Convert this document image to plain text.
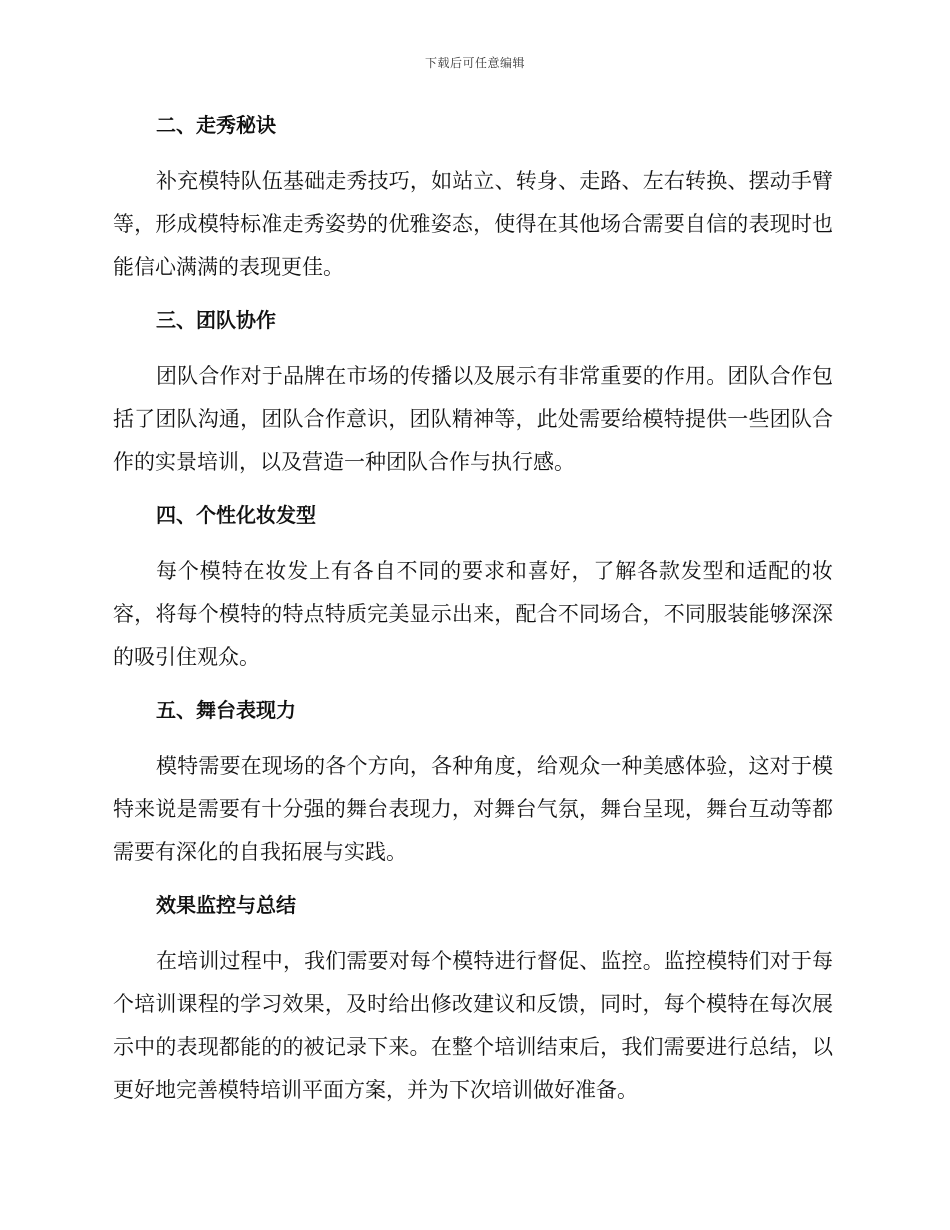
下载后可任意编辑
二、走秀秘诀

补充模特队伍基础走秀技巧，如站立、转身、走路、左右转换、摆动手臂等，形成模特标准走秀姿势的优雅姿态，使得在其他场合需要自信的表现时也能信心满满的表现更佳。

三、团队协作

团队合作对于品牌在市场的传播以及展示有非常重要的作用。团队合作包括了团队沟通，团队合作意识，团队精神等，此处需要给模特提供一些团队合作的实景培训，以及营造一种团队合作与执行感。

四、个性化妆发型

每个模特在妆发上有各自不同的要求和喜好，了解各款发型和适配的妆容，将每个模特的特点特质完美显示出来，配合不同场合，不同服装能够深深的吸引住观众。

五、舞台表现力

模特需要在现场的各个方向，各种角度，给观众一种美感体验，这对于模特来说是需要有十分强的舞台表现力，对舞台气氛，舞台呈现，舞台互动等都需要有深化的自我拓展与实践。

效果监控与总结

在培训过程中，我们需要对每个模特进行督促、监控。监控模特们对于每个培训课程的学习效果，及时给出修改建议和反馈，同时，每个模特在每次展示中的表现都能的的被记录下来。在整个培训结束后，我们需要进行总结，以更好地完善模特培训平面方案，并为下次培训做好准备。
